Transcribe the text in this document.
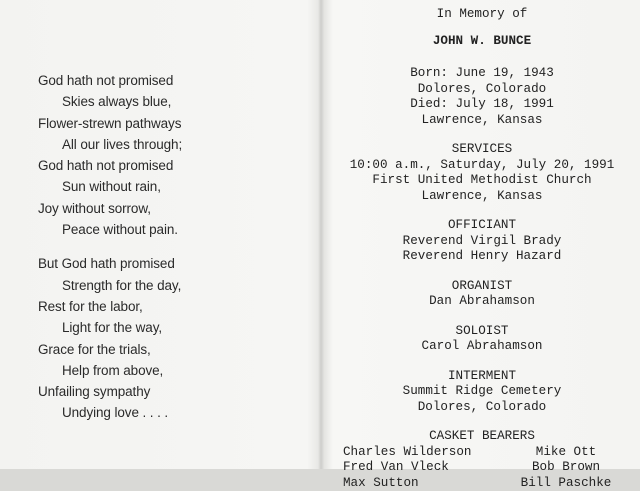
God hath not promised
Skies always blue,
Flower-strewn pathways
All our lives through;
God hath not promised
Sun without rain,
Joy without sorrow,
Peace without pain.
But God hath promised
Strength for the day,
Rest for the labor,
Light for the way,
Grace for the trials,
Help from above,
Unfailing sympathy
Undying love . . . .
In Memory of
JOHN W. BUNCE
Born: June 19, 1943
Dolores, Colorado
Died: July 18, 1991
Lawrence, Kansas
SERVICES
10:00 a.m., Saturday, July 20, 1991
First United Methodist Church
Lawrence, Kansas
OFFICIANT
Reverend Virgil Brady
Reverend Henry Hazard
ORGANIST
Dan Abrahamson
SOLOIST
Carol Abrahamson
INTERMENT
Summit Ridge Cemetery
Dolores, Colorado
CASKET BEARERS
Charles Wilderson	Mike Ott
Fred Van Vleck	Bob Brown
Max Sutton	Bill Paschke
